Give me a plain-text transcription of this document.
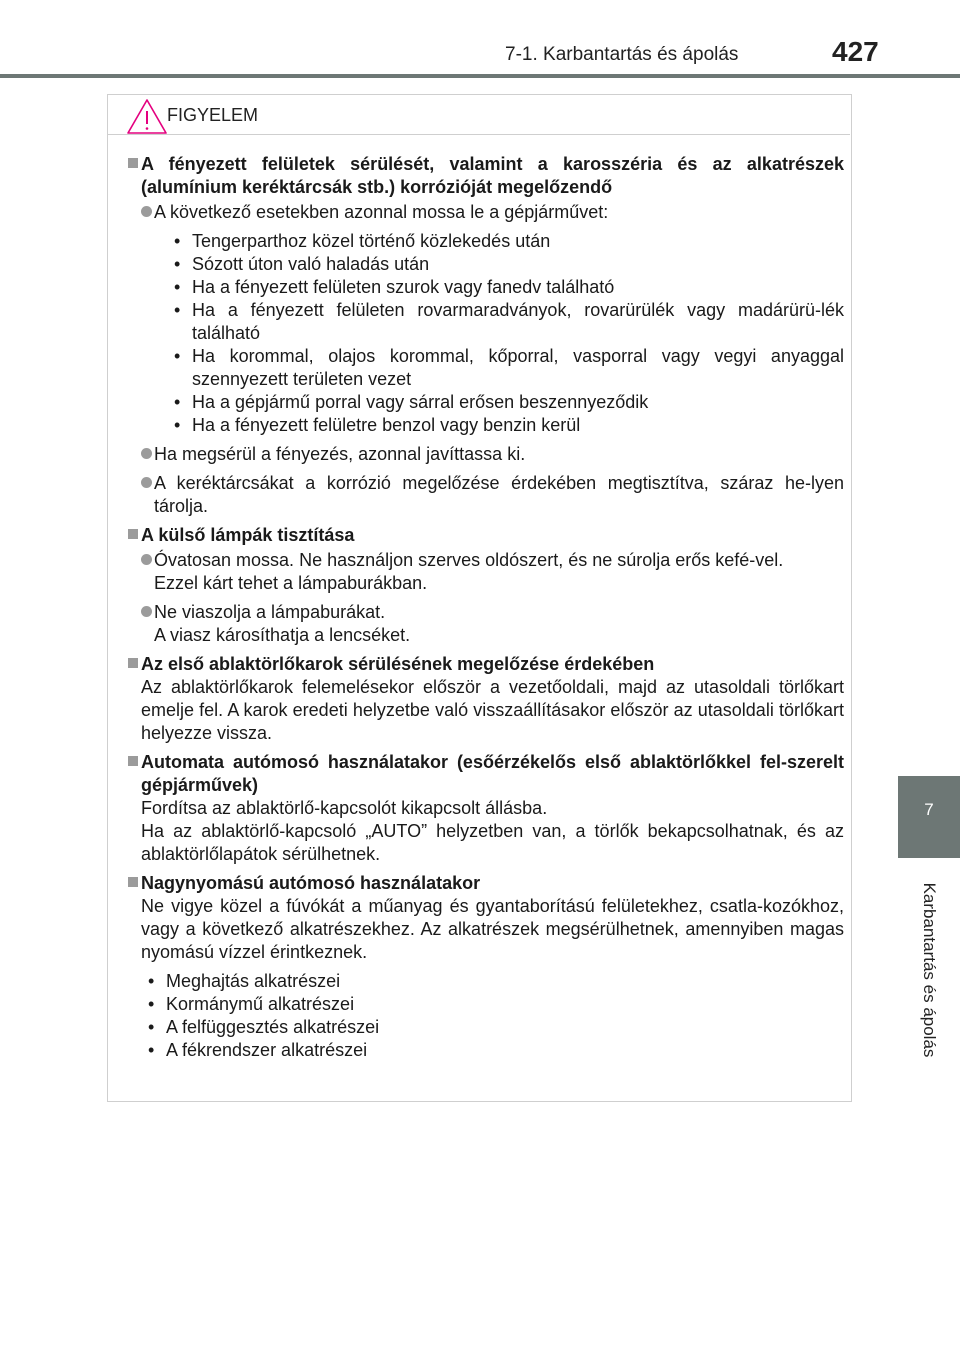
7-1. Karbantartás és ápolás	427
7
Karbantartás és ápolás
FIGYELEM
A fényezett felületek sérülését, valamint a karosszéria és az alkatrészek (alumínium keréktárcsák stb.) korrózióját megelőzendő
A következő esetekben azonnal mossa le a gépjárművet:
• Tengerparthoz közel történő közlekedés után
• Sózott úton való haladás után
• Ha a fényezett felületen szurok vagy fanedv található
• Ha a fényezett felületen rovarmaradványok, rovarürülék vagy madárürü-lék található
• Ha korommal, olajos korommal, kőporral, vasporral vagy vegyi anyaggal szennyezett területen vezet
• Ha a gépjármű porral vagy sárral erősen beszennyeződik
• Ha a fényezett felületre benzol vagy benzin kerül
Ha megsérül a fényezés, azonnal javíttassa ki.
A keréktárcsákat a korrózió megelőzése érdekében megtisztítva, száraz he-lyen tárolja.
A külső lámpák tisztítása
Óvatosan mossa. Ne használjon szerves oldószert, és ne súrolja erős kefé-vel.
Ezzel kárt tehet a lámpaburákban.
Ne viaszolja a lámpaburákat.
A viasz károsíthatja a lencséket.
Az első ablaktörlőkarok sérülésének megelőzése érdekében
Az ablaktörlőkarok felemelésekor először a vezetőoldali, majd az utasoldali törlőkart emelje fel. A karok eredeti helyzetbe való visszaállításakor először az utasoldali törlőkart helyezze vissza.
Automata autómosó használatakor (esőérzékelős első ablaktörlőkkel fel-szerelt gépjárművek)
Fordítsa az ablaktörlő-kapcsolót kikapcsolt állásba.
Ha az ablaktörlő-kapcsoló „AUTO” helyzetben van, a törlők bekapcsolhatnak, és az ablaktörlőlapátok sérülhetnek.
Nagynyomású autómosó használatakor
Ne vigye közel a fúvókát a műanyag és gyantaborítású felületekhez, csatla-kozókhoz, vagy a következő alkatrészekhez. Az alkatrészek megsérülhetnek, amennyiben magas nyomású vízzel érintkeznek.
• Meghajtás alkatrészei
• Kormánymű alkatrészei
• A felfüggesztés alkatrészei
• A fékrendszer alkatrészei
